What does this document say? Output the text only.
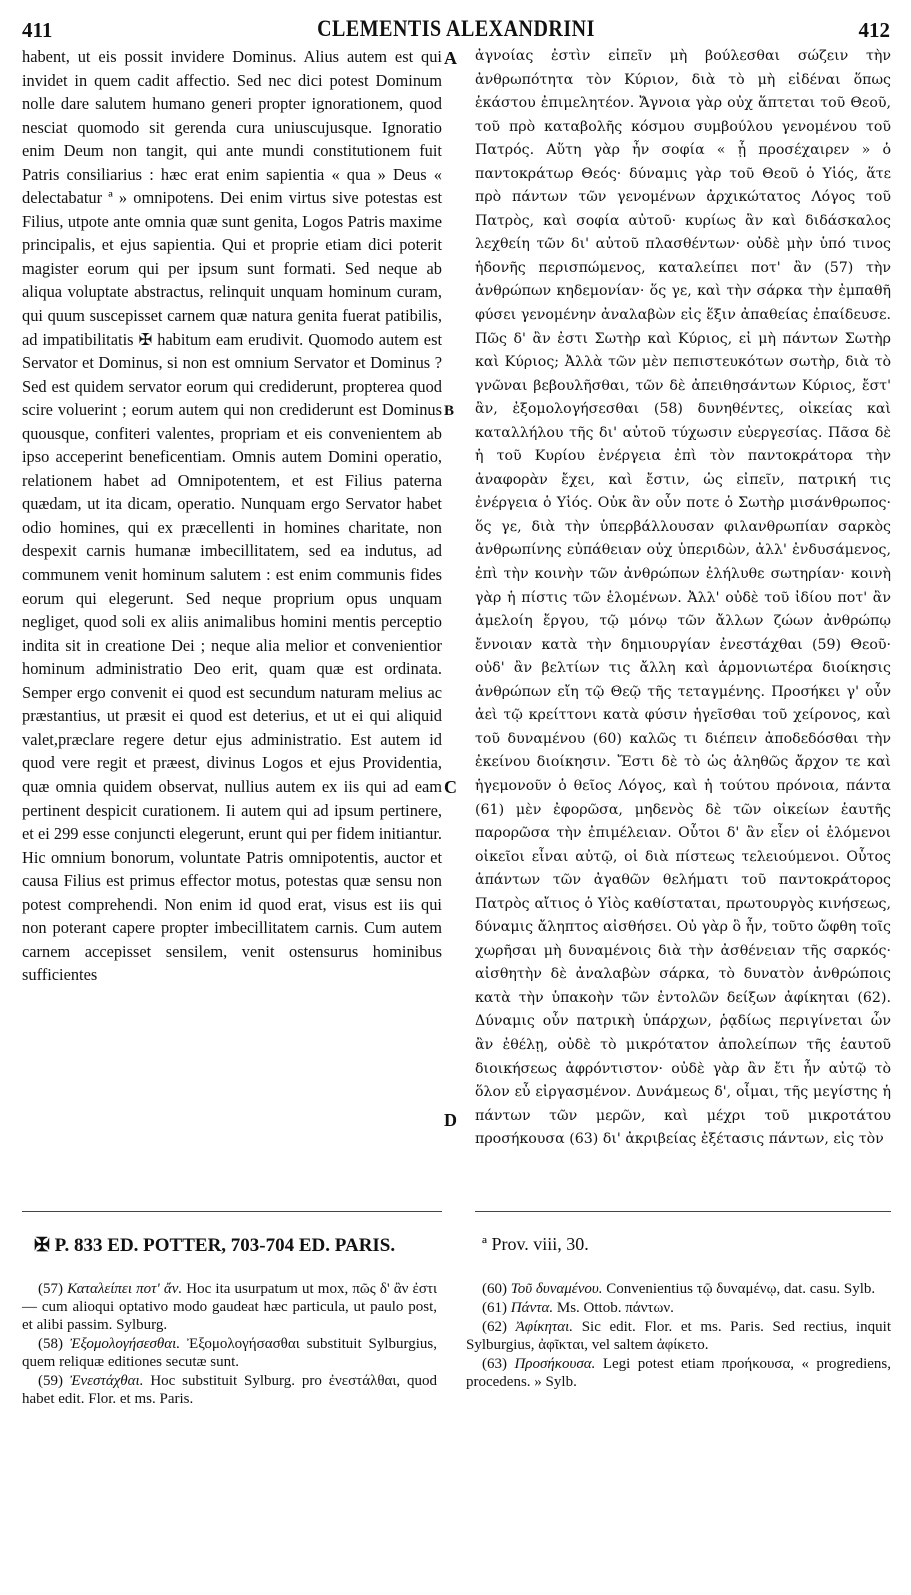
411	CLEMENTIS ALEXANDRINI	412

habent, ut eis possit invidere Dominus. Alius autem est qui invidet in quem cadit affectio. Sed nec dici potest Dominum nolle dare salutem humano generi propter ignorationem, quod nesciat quomodo sit gerenda cura uniuscujusque. Ignoratio enim Deum non tangit, qui ante mundi constitutionem fuit Patris consiliarius : hæc erat enim sapientia « qua » Deus « delectabatur ª » omnipotens. Dei enim virtus sive potestas est Filius, utpote ante omnia quæ sunt genita, Logos Patris maxime principalis, et ejus sapientia. Qui et proprie etiam dici poterit magister eorum qui per ipsum sunt formati. Sed neque ab aliqua voluptate abstractus, relinquit unquam hominum curam, qui quum suscepisset carnem quæ natura genita fuerat patibilis, ad impatibilitatis ✠ habitum eam erudivit. Quomodo autem est Servator et Dominus, si non est omnium Servator et Dominus ? Sed est quidem servator eorum qui crediderunt, propterea quod scire voluerint ; eorum autem qui non crediderunt est Dominus quousque, confiteri valentes, propriam et eis convenientem ab ipso acceperint beneficentiam. Omnis autem Domini operatio, relationem habet ad Omnipotentem, et est Filius paterna quædam, ut ita dicam, operatio. Nunquam ergo Servator habet odio homines, qui ex præcellenti in homines charitate, non despexit carnis humanæ imbecillitatem, sed ea indutus, ad communem venit hominum salutem : est enim communis fides eorum qui elegerunt. Sed neque proprium opus unquam negliget, quod soli ex aliis animalibus homini mentis perceptio indita sit in creatione Dei ; neque alia melior et convenientior hominum administratio Deo erit, quam quæ est ordinata. Semper ergo convenit ei quod est secundum naturam melius ac præstantius, ut præsit ei quod est deterius, et ut ei qui aliquid valet,præclare regere detur ejus administratio. Est autem id quod vere regit et præest, divinus Logos et ejus Providentia, quæ omnia quidem observat, nullius autem ex iis qui ad eam pertinent despicit curationem. Ii autem qui ad ipsum pertinere, et ei 299 esse conjuncti elegerunt, erunt qui per fidem initiantur. Hic omnium bonorum, voluntate Patris omnipotentis, auctor et causa Filius est primus effector motus, potestas quæ sensu non potest comprehendi. Non enim id quod erat, visus est iis qui non poterant capere propter imbecillitatem carnis. Cum autem carnem accepisset sensilem, venit ostensurus hominibus sufficientes

A
B
C
D

ἀγνοίας ἐστὶν εἰπεῖν μὴ βούλεσθαι σώζειν τὴν ἀνθρωπότητα τὸν Κύριον, διὰ τὸ μὴ εἰδέναι ὅπως ἑκάστου ἐπιμελητέον. Ἄγνοια γὰρ οὐχ ἅπτεται τοῦ Θεοῦ, τοῦ πρὸ καταβολῆς κόσμου συμβούλου γενομένου τοῦ Πατρός. Αὕτη γὰρ ἦν σοφία « ᾗ προσέχαιρεν » ὁ παντοκράτωρ Θεός· δύναμις γὰρ τοῦ Θεοῦ ὁ Υἱός, ἅτε πρὸ πάντων τῶν γενομένων ἀρχικώτατος Λόγος τοῦ Πατρὸς, καὶ σοφία αὐτοῦ· κυρίως ἂν καὶ διδάσκαλος λεχθείη τῶν δι' αὐτοῦ πλασθέντων· οὐδὲ μὴν ὑπό τινος ἡδονῆς περισπώμενος, καταλείπει ποτ' ἂν (57) τὴν ἀνθρώπων κηδεμονίαν· ὅς γε, καὶ τὴν σάρκα τὴν ἐμπαθῆ φύσει γενομένην ἀναλαβὼν εἰς ἕξιν ἀπαθείας ἐπαίδευσε. Πῶς δ' ἂν ἐστι Σωτὴρ καὶ Κύριος, εἰ μὴ πάντων Σωτὴρ καὶ Κύριος; Ἀλλὰ τῶν μὲν πεπιστευκότων σωτὴρ, διὰ τὸ γνῶναι βεβουλῆσθαι, τῶν δὲ ἀπειθησάντων Κύριος, ἔστ' ἂν, ἐξομολογήσεσθαι (58) δυνηθέντες, οἰκείας καὶ καταλλήλου τῆς δι' αὐτοῦ τύχωσιν εὐεργεσίας. Πᾶσα δὲ ἡ τοῦ Κυρίου ἐνέργεια ἐπὶ τὸν παντοκράτορα τὴν ἀναφορὰν ἔχει, καὶ ἔστιν, ὡς εἰπεῖν, πατρική τις ἐνέργεια ὁ Υἱός. Οὐκ ἂν οὖν ποτε ὁ Σωτὴρ μισάνθρωπος· ὅς γε, διὰ τὴν ὑπερβάλλουσαν φιλανθρωπίαν σαρκὸς ἀνθρωπίνης εὐπάθειαν οὐχ ὑπεριδὼν, ἀλλ' ἐνδυσάμενος, ἐπὶ τὴν κοινὴν τῶν ἀνθρώπων ἐλήλυθε σωτηρίαν· κοινὴ γὰρ ἡ πίστις τῶν ἑλομένων. Ἀλλ' οὐδὲ τοῦ ἰδίου ποτ' ἂν ἀμελοίη ἔργου, τῷ μόνῳ τῶν ἄλλων ζώων ἀνθρώπῳ ἔννοιαν κατὰ τὴν δημιουργίαν ἐνεστάχθαι (59) Θεοῦ· οὐδ' ἂν βελτίων τις ἄλλη καὶ ἁρμονιωτέρα διοίκησις ἀνθρώπων εἴη τῷ Θεῷ τῆς τεταγμένης. Προσήκει γ' οὖν ἀεὶ τῷ κρείττονι κατὰ φύσιν ἡγεῖσθαι τοῦ χείρονος, καὶ τοῦ δυναμένου (60) καλῶς τι διέπειν ἀποδεδόσθαι τὴν ἐκείνου διοίκησιν. Ἔστι δὲ τὸ ὡς ἀληθῶς ἄρχον τε καὶ ἡγεμονοῦν ὁ θεῖος Λόγος, καὶ ἡ τούτου πρόνοια, πάντα (61) μὲν ἐφορῶσα, μηδενὸς δὲ τῶν οἰκείων ἑαυτῆς παρορῶσα τὴν ἐπιμέλειαν. Οὗτοι δ' ἂν εἶεν οἱ ἑλόμενοι οἰκεῖοι εἶναι αὐτῷ, οἱ διὰ πίστεως τελειούμενοι. Οὗτος ἁπάντων τῶν ἀγαθῶν θελήματι τοῦ παντοκράτορος Πατρὸς αἴτιος ὁ Υἱὸς καθίσταται, πρωτουργὸς κινήσεως, δύναμις ἄληπτος αἰσθήσει. Οὐ γὰρ ὃ ἦν, τοῦτο ὤφθη τοῖς χωρῆσαι μὴ δυναμένοις διὰ τὴν ἀσθένειαν τῆς σαρκός· αἰσθητὴν δὲ ἀναλαβὼν σάρκα, τὸ δυνατὸν ἀνθρώποις κατὰ τὴν ὑπακοὴν τῶν ἐντολῶν δείξων ἀφίκηται (62). Δύναμις οὖν πατρικὴ ὑπάρχων, ῥᾳδίως περιγίνεται ὧν ἂν ἐθέλῃ, οὐδὲ τὸ μικρότατον ἀπολείπων τῆς ἑαυτοῦ διοικήσεως ἀφρόντιστον· οὐδὲ γὰρ ἂν ἔτι ἦν αὐτῷ τὸ ὅλον εὖ εἰργασμένον. Δυνάμεως δ', οἶμαι, τῆς μεγίστης ἡ πάντων τῶν μερῶν, καὶ μέχρι τοῦ μικροτάτου προσήκουσα (63) δι' ἀκριβείας ἐξέτασις πάντων, εἰς τὸν

✠ P. 833 ED. POTTER, 703-704 ED. PARIS.	ª Prov. viii, 30.

(57) Καταλείπει ποτ' ἄν. Hoc ita usurpatum ut mox, πῶς δ' ἂν ἐστι — cum alioqui optativo modo gaudeat hæc particula, ut paulo post, et alibi passim. Sylburg.

(58) Ἐξομολογήσεσθαι. Ἐξομολογήσασθαι substituit Sylburgius, quem reliquæ editiones secutæ sunt.

(59) Ἐνεστάχθαι. Hoc substituit Sylburg. pro ἐνεστάλθαι, quod habet edit. Flor. et ms. Paris.

(60) Τοῦ δυναμένου. Convenientius τῷ δυναμένῳ, dat. casu. Sylb.

(61) Πάντα. Ms. Ottob. πάντων.

(62) Ἀφίκηται. Sic edit. Flor. et ms. Paris. Sed rectius, inquit Sylburgius, ἀφῖκται, vel saltem ἀφίκετο.

(63) Προσήκουσα. Legi potest etiam προήκουσα, « progrediens, procedens. » Sylb.
